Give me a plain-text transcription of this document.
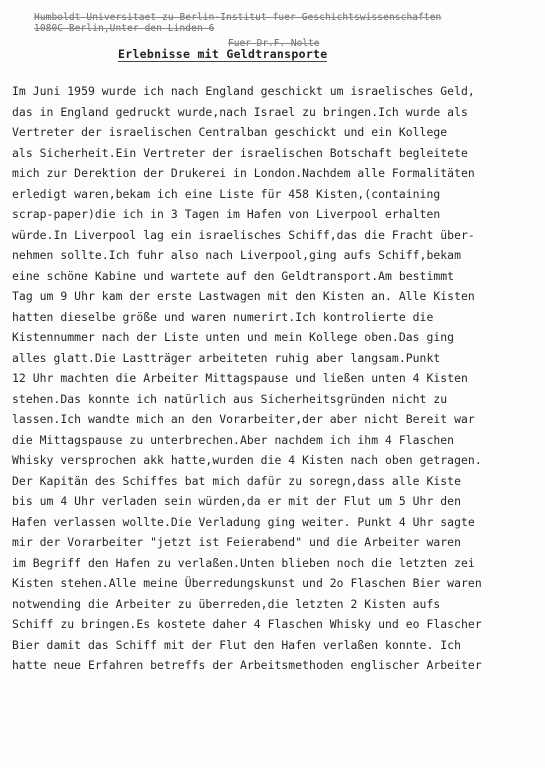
Humboldt Universitaet zu Berlin-Institut fuer Geschichtswissenschaften
1080C Berlin,Unter den Linden 6
Fuer Dr.F. Nolte
Erlebnisse mit Geldtransporte
Im Juni 1959 wurde ich nach England geschickt um israelisches Geld,
das in England gedruckt wurde,nach Israel zu bringen.Ich wurde als
Vertreter der israelischen Centralban geschickt und ein Kollege
als Sicherheit.Ein Vertreter der israelischen Botschaft begleitete
mich zur Derektion der Drukerei in London.Nachdem alle Formalitäten
erledigt waren,bekam ich eine Liste für 458 Kisten,(containing
scrap-paper)die ich in 3 Tagen im Hafen von Liverpool erhalten
würde.In Liverpool lag ein israelisches Schiff,das die Fracht über-
nehmen sollte.Ich fuhr also nach Liverpool,ging aufs Schiff,bekam
eine schöne Kabine und wartete auf den Geldtransport.Am bestimmt
Tag um 9 Uhr kam der erste Lastwagen mit den Kisten an. Alle Kisten
hatten dieselbe größe und waren numerirt.Ich kontrolierte die
Kistennummer nach der Liste unten und mein Kollege oben.Das ging
alles glatt.Die Lastträger arbeiteten ruhig aber langsam.Punkt
12 Uhr machten die Arbeiter Mittagspause und ließen unten 4 Kisten
stehen.Das konnte ich natürlich aus Sicherheitsgründen nicht zu
lassen.Ich wandte mich an den Vorarbeiter,der aber nicht Bereit war
die Mittagspause zu unterbrechen.Aber nachdem ich ihm 4 Flaschen
Whisky versprochen akk hatte,wurden die 4 Kisten nach oben getragen.
Der Kapitän des Schiffes bat mich dafür zu soregn,dass alle Kiste
bis um 4 Uhr verladen sein würden,da er mit der Flut um 5 Uhr den
Hafen verlassen wollte.Die Verladung ging weiter. Punkt 4 Uhr sagte
mir der Vorarbeiter "jetzt ist Feierabend" und die Arbeiter waren
im Begriff den Hafen zu verlaßen.Unten blieben noch die letzten zei
Kisten stehen.Alle meine Überredungskunst und 2o Flaschen Bier waren
notwending die Arbeiter zu überreden,die letzten 2 Kisten aufs
Schiff zu bringen.Es kostete daher 4 Flaschen Whisky und eo Flascher
Bier damit das Schiff mit der Flut den Hafen verlaßen konnte. Ich
hatte neue Erfahren betreffs der Arbeitsmethoden englischer Arbeiter
